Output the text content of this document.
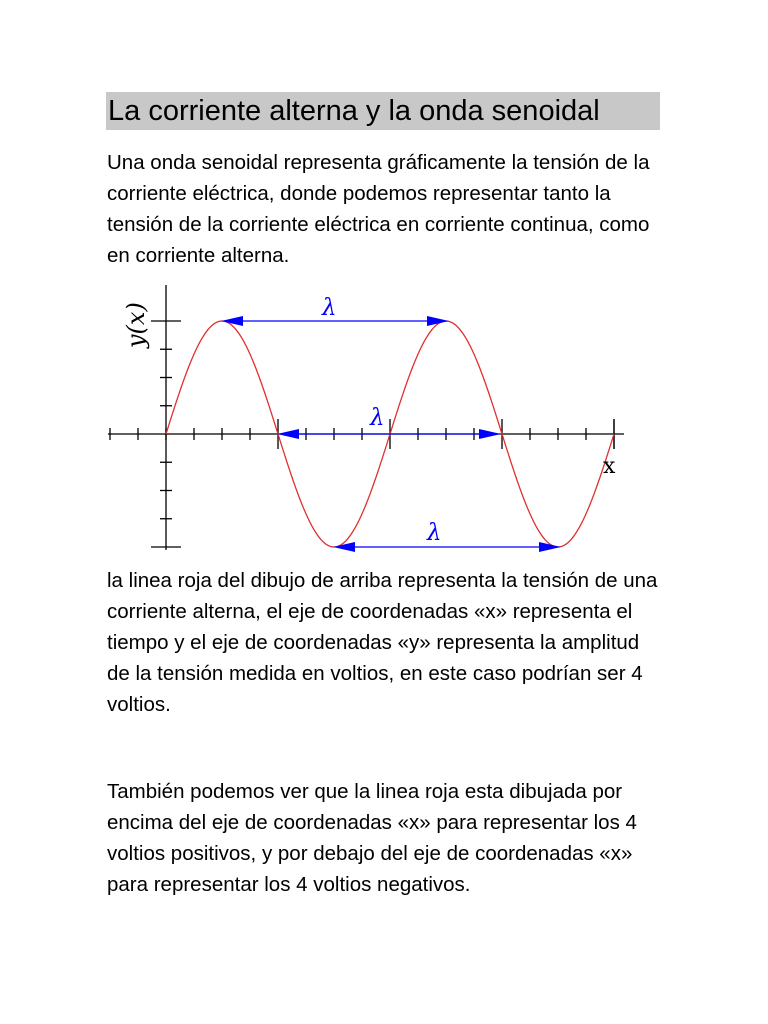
La corriente alterna y la onda senoidal

Una onda senoidal representa gráficamente la tensión de la corriente eléctrica, donde podemos representar tanto la tensión de la corriente eléctrica en corriente continua, como en corriente alterna.

λ
λ
λ
x
y(x)

la linea roja del dibujo de arriba representa la tensión de una corriente alterna, el eje de coordenadas «x» representa el tiempo y el eje de coordenadas «y» representa la amplitud de la tensión medida en voltios, en este caso podrían ser 4 voltios.

También podemos ver que la linea roja esta dibujada por encima del eje de coordenadas «x» para representar los 4 voltios positivos, y por debajo del eje de coordenadas «x» para representar los 4 voltios negativos.
